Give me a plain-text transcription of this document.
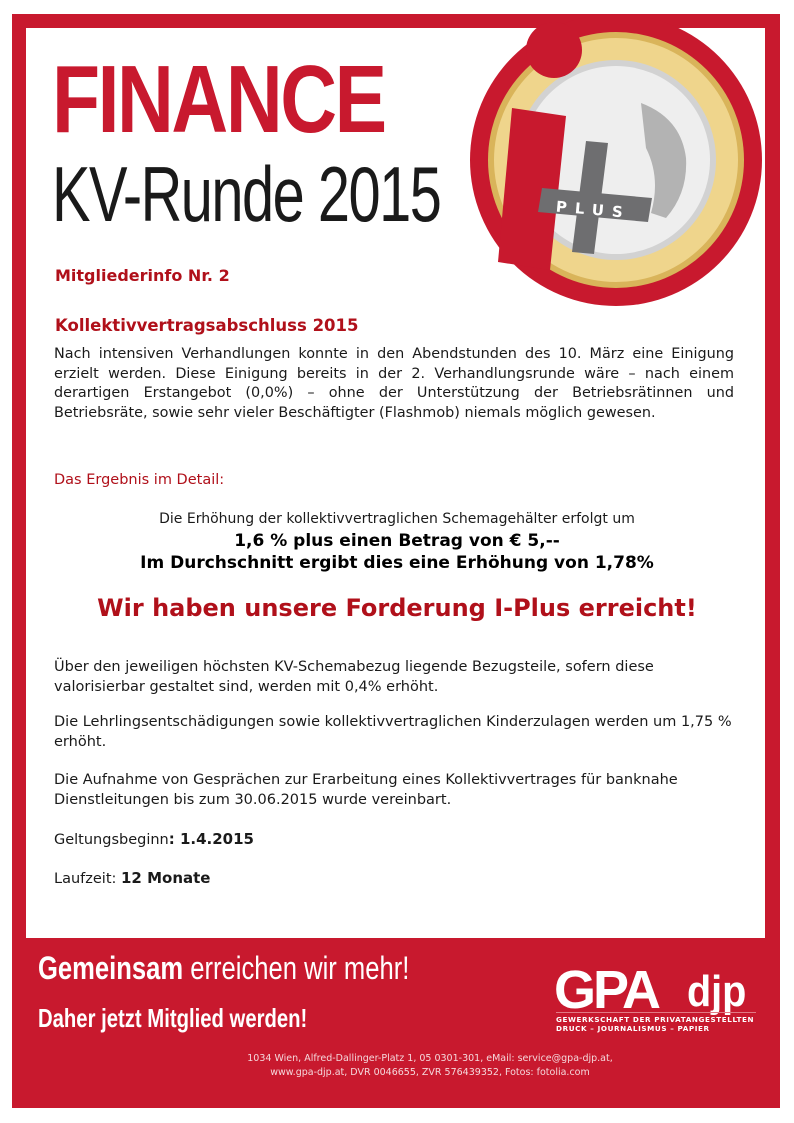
FINANCE
KV-Runde 2015	PLUS
Mitgliederinfo Nr. 2
Kollektivvertragsabschluss 2015
Nach intensiven Verhandlungen konnte in den Abendstunden des 10. März eine Einigung erzielt werden. Diese Einigung bereits in der 2. Verhandlungsrunde wäre – nach einem derartigen Erstangebot (0,0%) – ohne der Unterstützung der Betriebsrätinnen und Betriebsräte, sowie sehr vieler Beschäftigter (Flashmob) niemals möglich gewesen.
Das Ergebnis im Detail:
Die Erhöhung der kollektivvertraglichen Schemagehälter erfolgt um
1,6 % plus einen Betrag von € 5,--
Im Durchschnitt ergibt dies eine Erhöhung von 1,78%
Wir haben unsere Forderung I-Plus erreicht!
Über den jeweiligen höchsten KV-Schemabezug liegende Bezugsteile, sofern diese valorisierbar gestaltet sind, werden mit 0,4% erhöht.
Die Lehrlingsentschädigungen sowie kollektivvertraglichen Kinderzulagen werden um 1,75 % erhöht.
Die Aufnahme von Gesprächen zur Erarbeitung eines Kollektivvertrages für banknahe Dienstleitungen bis zum 30.06.2015 wurde vereinbart.
Geltungsbeginn: 1.4.2015
Laufzeit: 12 Monate
Gemeinsam erreichen wir mehr!
Daher jetzt Mitglied werden!	GPA djp
GEWERKSCHAFT DER PRIVATANGESTELLTEN
DRUCK – JOURNALISMUS – PAPIER
1034 Wien, Alfred-Dallinger-Platz 1, 05 0301-301, eMail: service@gpa-djp.at,
www.gpa-djp.at, DVR 0046655, ZVR 576439352, Fotos: fotolia.com
